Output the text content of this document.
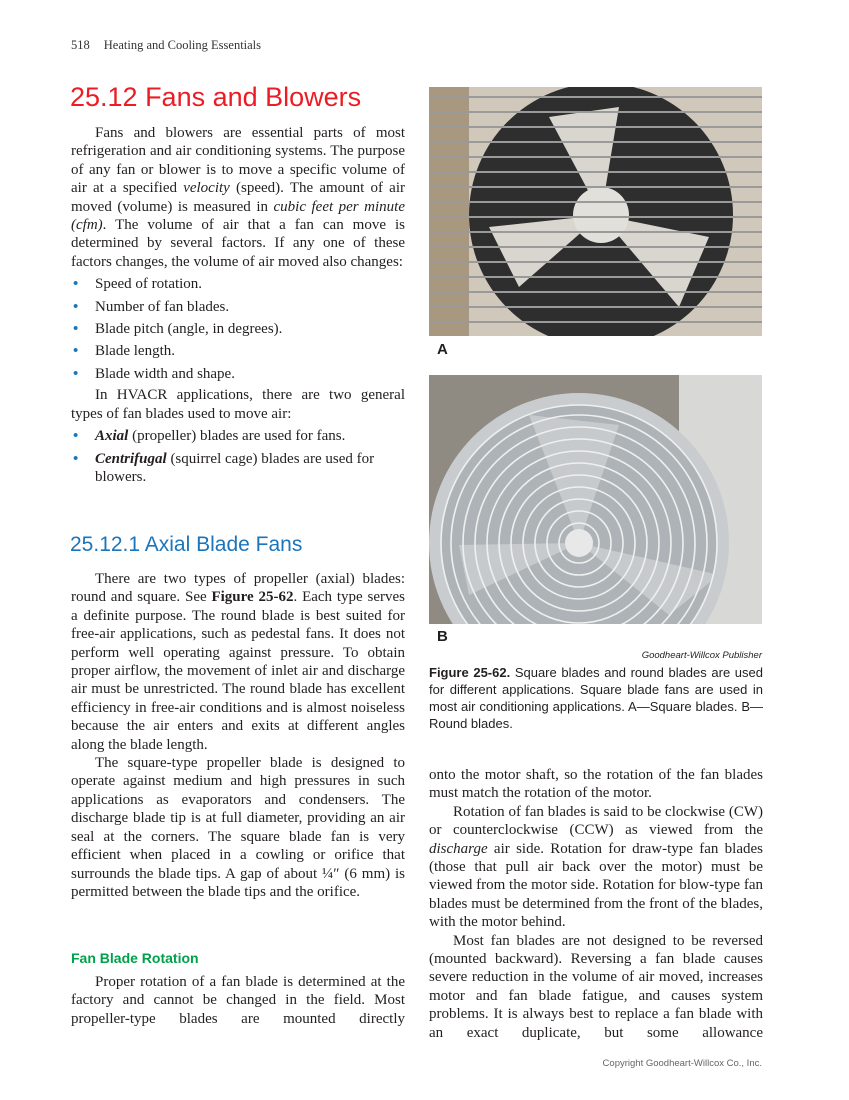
518 Heating and Cooling Essentials
25.12 Fans and Blowers

Fans and blowers are essential parts of most refrigeration and air conditioning systems. The purpose of any fan or blower is to move a specific volume of air at a specified velocity (speed). The amount of air moved (volume) is measured in cubic feet per minute (cfm). The volume of air that a fan can move is determined by several factors. If any one of these factors changes, the volume of air moved also changes:

• Speed of rotation.
• Number of fan blades.
• Blade pitch (angle, in degrees).
• Blade length.
• Blade width and shape.

In HVACR applications, there are two general types of fan blades used to move air:

• Axial (propeller) blades are used for fans.
• Centrifugal (squirrel cage) blades are used for blowers.
25.12.1 Axial Blade Fans

There are two types of propeller (axial) blades: round and square. See Figure 25-62. Each type serves a definite purpose. The round blade is best suited for free-air applications, such as pedestal fans. It does not perform well operating against pressure. To obtain proper airflow, the movement of inlet air and discharge air must be unrestricted. The round blade has excellent efficiency in free-air conditions and is almost noiseless because the air enters and exits at different angles along the blade length.

The square-type propeller blade is designed to operate against medium and high pressures in such applications as evaporators and condensers. The discharge blade tip is at full diameter, providing an air seal at the corners. The square blade fan is very efficient when placed in a cowling or orifice that surrounds the blade tips. A gap of about ¼″ (6 mm) is permitted between the blade tips and the orifice.

Fan Blade Rotation

Proper rotation of a fan blade is determined at the factory and cannot be changed in the field. Most propeller-type blades are mounted directly

A
B
Goodheart-Willcox Publisher
Figure 25-62. Square blades and round blades are used for different applications. Square blade fans are used in most air conditioning applications. A—Square blades. B—Round blades.

onto the motor shaft, so the rotation of the fan blades must match the rotation of the motor.

Rotation of fan blades is said to be clockwise (CW) or counterclockwise (CCW) as viewed from the discharge air side. Rotation for draw-type fan blades (those that pull air back over the motor) must be viewed from the motor side. Rotation for blow-type fan blades must be determined from the front of the blades, with the motor behind.

Most fan blades are not designed to be reversed (mounted backward). Reversing a fan blade causes severe reduction in the volume of air moved, increases motor and fan blade fatigue, and causes system problems. It is always best to replace a fan blade with an exact duplicate, but some allowance

Copyright Goodheart-Willcox Co., Inc.
